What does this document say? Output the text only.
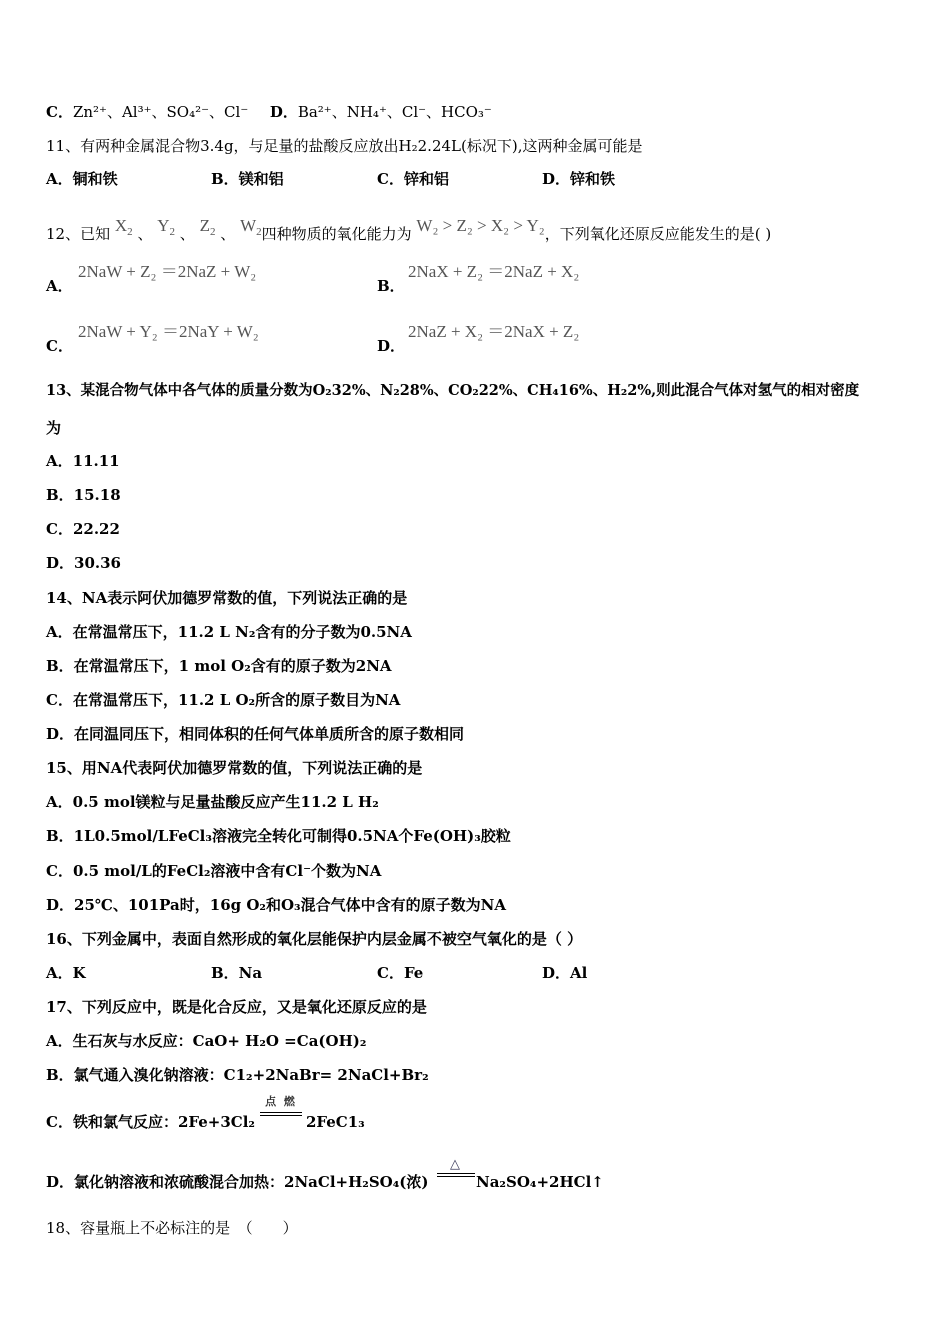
C．Zn²⁺、Al³⁺、SO₄²⁻、Cl⁻ D．Ba²⁺、NH₄⁺、Cl⁻、HCO₃⁻
11、有两种金属混合物3.4g，与足量的盐酸反应放出H₂2.24L(标况下),这两种金属可能是
A．铜和铁	B．镁和铝	C．锌和铝	D．锌和铁
12、已知 $X_2$ 、 $Y_2$ 、 $Z_2$ 、 $W_2$四种物质的氧化能力为 W₂ > Z₂ > X₂ > Y₂，下列氧化还原反应能发生的是( )
A．
2NaW + Z₂ ＝2NaZ + W₂
B．
2NaX + Z₂ ＝2NaZ + X₂
C．
2NaW + Y₂ ＝2NaY + W₂
D．
2NaZ + X₂ ＝2NaX + Z₂
13、某混合物气体中各气体的质量分数为O₂32%、N₂28%、CO₂22%、CH₄16%、H₂2%,则此混合气体对氢气的相对密度
为
A．11.11
B．15.18
C．22.22
D．30.36
14、NA表示阿伏加德罗常数的值，下列说法正确的是
A．在常温常压下，11.2 L N₂含有的分子数为0.5NA
B．在常温常压下，1 mol O₂含有的原子数为2NA
C．在常温常压下，11.2 L O₂所含的原子数目为NA
D．在同温同压下，相同体积的任何气体单质所含的原子数相同
15、用NA代表阿伏加德罗常数的值，下列说法正确的是
A．0.5 mol镁粒与足量盐酸反应产生11.2 L H₂
B．1L0.5mol/LFeCl₃溶液完全转化可制得0.5NA个Fe(OH)₃胶粒
C．0.5 mol/L的FeCl₂溶液中含有Cl⁻个数为NA
D．25℃、101Pa时，16g O₂和O₃混合气体中含有的原子数为NA
16、下列金属中，表面自然形成的氧化层能保护内层金属不被空气氧化的是（ ）
A．K	B．Na	C．Fe	D．Al
17、下列反应中，既是化合反应，又是氧化还原反应的是
A．生石灰与水反应：CaO+ H₂O =Ca(OH)₂
B．氯气通入溴化钠溶液：C1₂+2NaBr= 2NaCl+Br₂
C．铁和氯气反应：2Fe+3Cl₂
点 燃
2FeC1₃
D．氯化钠溶液和浓硫酸混合加热：2NaCl+H₂SO₄(浓)
△
Na₂SO₄+2HCl↑
18、容量瓶上不必标注的是　（　　）
